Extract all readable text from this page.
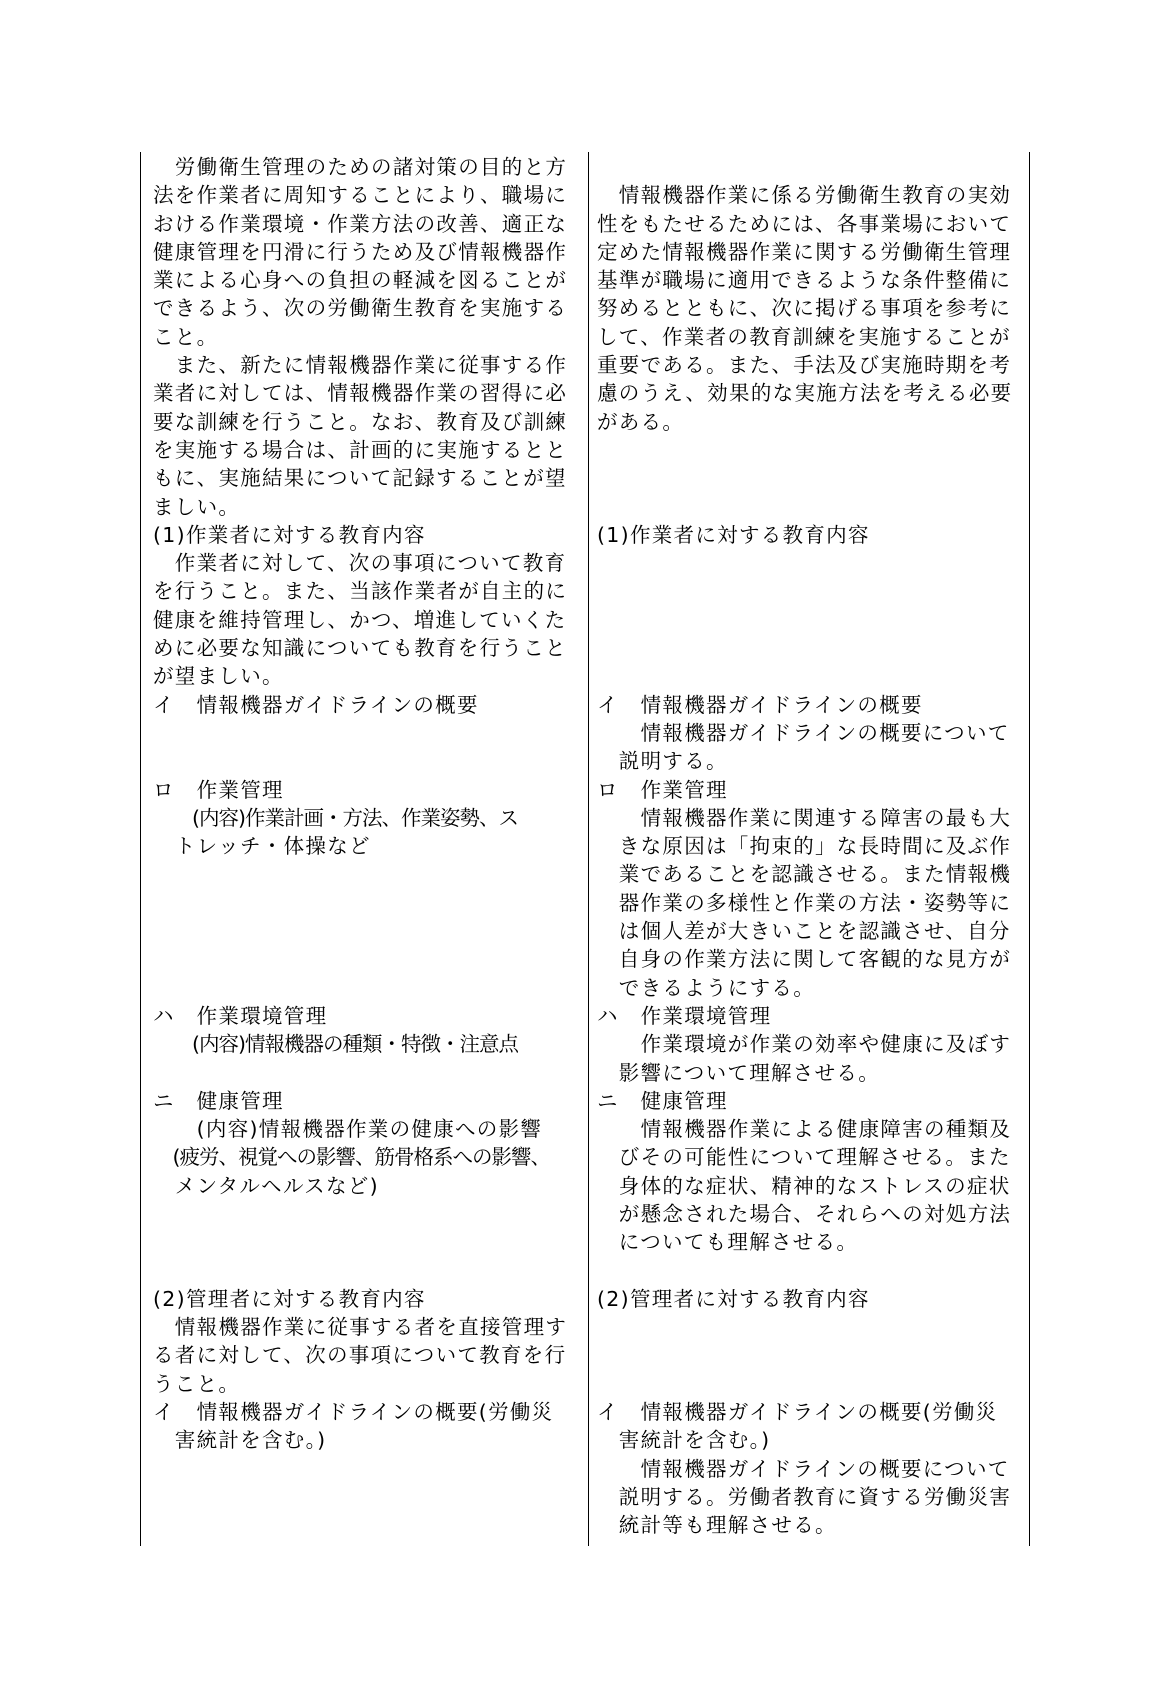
　労働衛生管理のための諸対策の目的と方
法を作業者に周知することにより、職場に
おける作業環境・作業方法の改善、適正な
健康管理を円滑に行うため及び情報機器作
業による心身への負担の軽減を図ることが
できるよう、次の労働衛生教育を実施する
こと。
　また、新たに情報機器作業に従事する作
業者に対しては、情報機器作業の習得に必
要な訓練を行うこと。なお、教育及び訓練
を実施する場合は、計画的に実施するとと
もに、実施結果について記録することが望
ましい。
(1)作業者に対する教育内容
　作業者に対して、次の事項について教育
を行うこと。また、当該作業者が自主的に
健康を維持管理し、かつ、増進していくた
めに必要な知識についても教育を行うこと
が望ましい。
イ　情報機器ガイドラインの概要
ロ　作業管理
　　(内容)作業計画・方法、作業姿勢、ス
　トレッチ・体操など
ハ　作業環境管理
　　(内容)情報機器の種類・特徴・注意点
ニ　健康管理
　　(内容)情報機器作業の健康への影響
　(疲労、視覚への影響、筋骨格系への影響、
　メンタルヘルスなど)
(2)管理者に対する教育内容
　情報機器作業に従事する者を直接管理す
る者に対して、次の事項について教育を行
うこと。
イ　情報機器ガイドラインの概要(労働災
　害統計を含む。)
　情報機器作業に係る労働衛生教育の実効
性をもたせるためには、各事業場において
定めた情報機器作業に関する労働衛生管理
基準が職場に適用できるような条件整備に
努めるとともに、次に掲げる事項を参考に
して、作業者の教育訓練を実施することが
重要である。また、手法及び実施時期を考
慮のうえ、効果的な実施方法を考える必要
がある。
(1)作業者に対する教育内容
イ　情報機器ガイドラインの概要
　　情報機器ガイドラインの概要について
　説明する。
ロ　作業管理
　　情報機器作業に関連する障害の最も大
　きな原因は「拘束的」な長時間に及ぶ作
　業であることを認識させる。また情報機
　器作業の多様性と作業の方法・姿勢等に
　は個人差が大きいことを認識させ、自分
　自身の作業方法に関して客観的な見方が
　できるようにする。
ハ　作業環境管理
　　作業環境が作業の効率や健康に及ぼす
　影響について理解させる。
ニ　健康管理
　　情報機器作業による健康障害の種類及
　びその可能性について理解させる。また
　身体的な症状、精神的なストレスの症状
　が懸念された場合、それらへの対処方法
　についても理解させる。
(2)管理者に対する教育内容
イ　情報機器ガイドラインの概要(労働災
　害統計を含む。)
　　情報機器ガイドラインの概要について
　説明する。労働者教育に資する労働災害
　統計等も理解させる。
